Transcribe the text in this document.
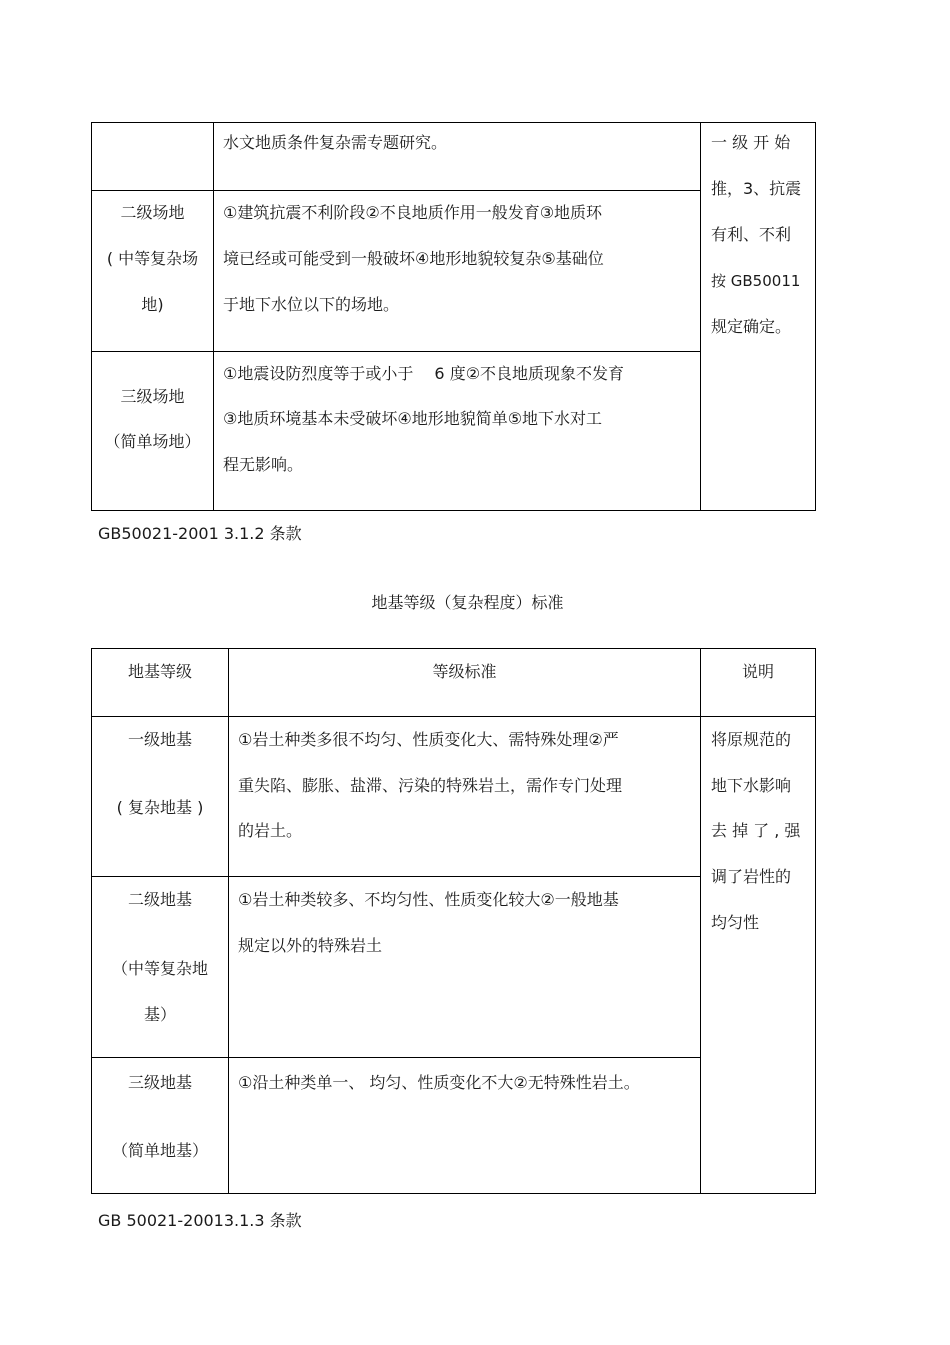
水文地质条件复杂需专题研究。
二级场地
( 中等复杂场
地)
①建筑抗震不利阶段②不良地质作用一般发育③地质环
境已经或可能受到一般破坏④地形地貌较复杂⑤基础位
于地下水位以下的场地。
三级场地
（简单场地）
①地震设防烈度等于或小于　 6 度②不良地质现象不发育
③地质环境基本未受破坏④地形地貌简单⑤地下水对工
程无影响。
一 级 开 始
推，3、抗震
有利、不利
按 GB50011
规定确定。
GB50021-2001 3.1.2 条款
地基等级（复杂程度）标准
地基等级	等级标准	说明
一级地基
( 复杂地基 )
①岩土种类多很不均匀、性质变化大、需特殊处理②严
重失陷、膨胀、盐滞、污染的特殊岩土，需作专门处理
的岩土。
二级地基
（中等复杂地
基）
①岩土种类较多、不均匀性、性质变化较大②一般地基
规定以外的特殊岩土
三级地基
（简单地基）
①沿土种类单一、 均匀、性质变化不大②无特殊性岩土。
将原规范的
地下水影响
去 掉 了 , 强
调了岩性的
均匀性
GB 50021-20013.1.3 条款
